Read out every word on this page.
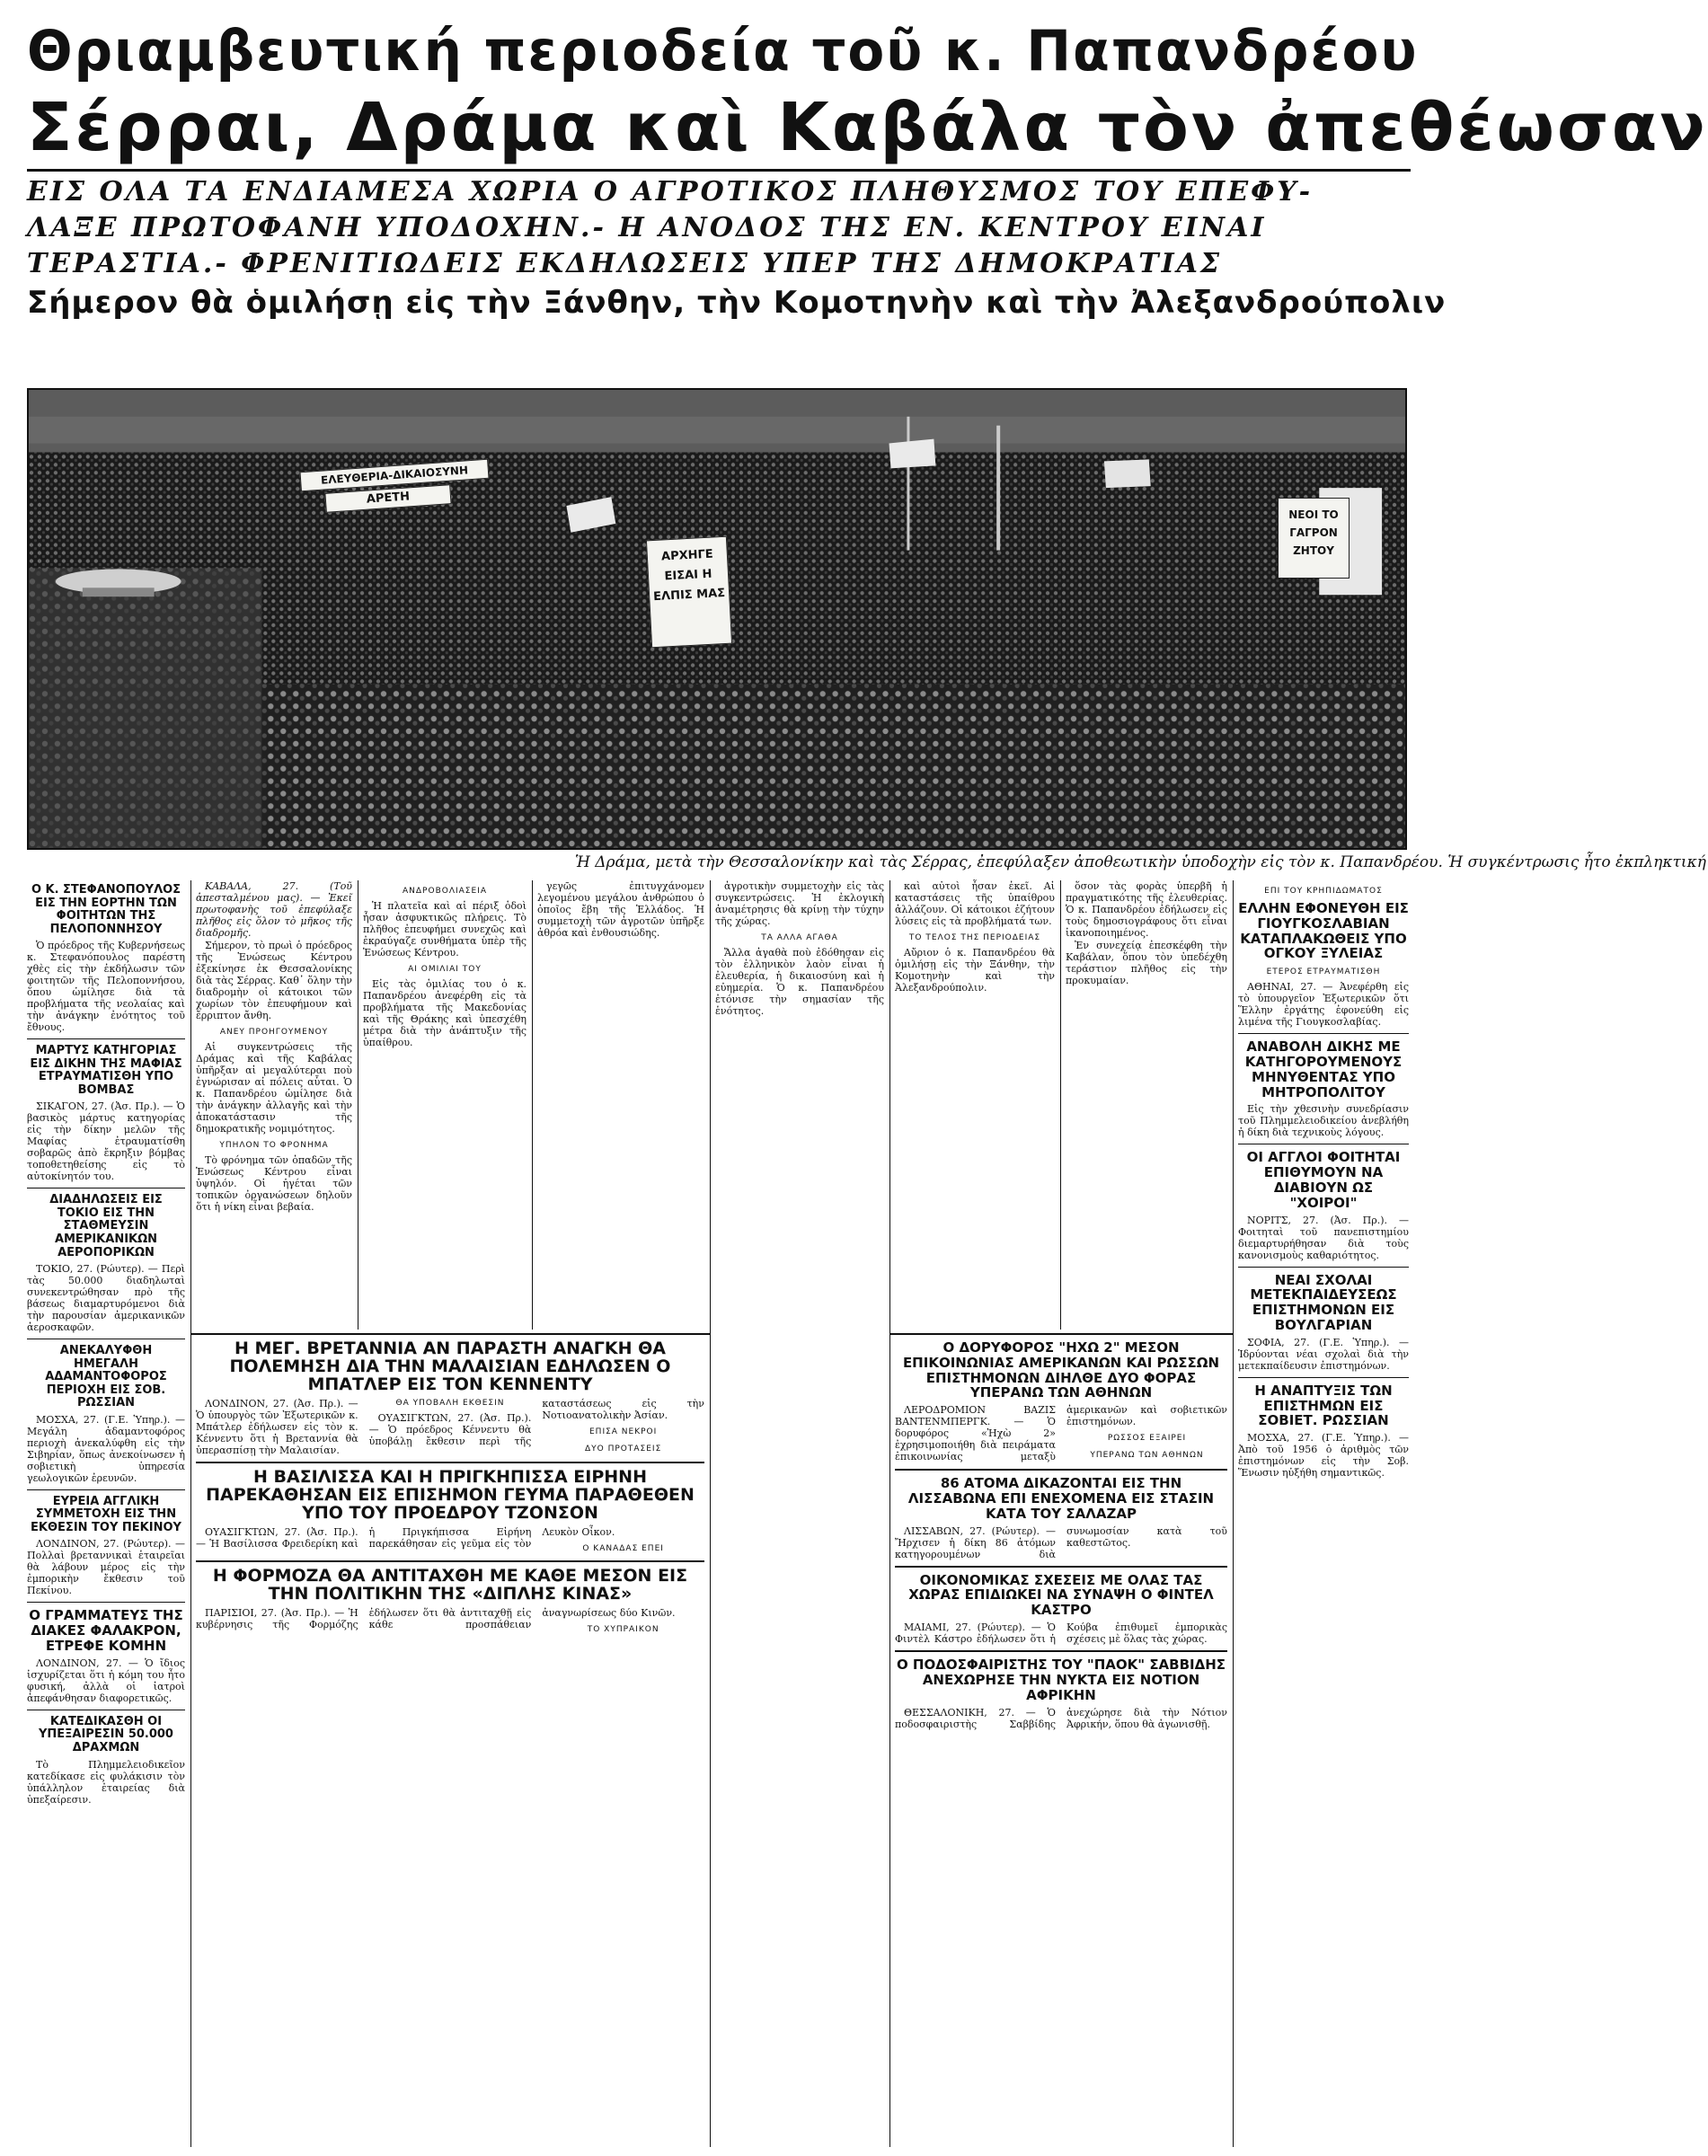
Θριαμβευτική περιοδεία τοῦ κ. Παπανδρέου
Σέρραι, Δράμα καὶ Καβάλα τὸν ἀπεθέωσαν
ΕΙΣ ΟΛΑ ΤΑ ΕΝΔΙΑΜΕΣΑ ΧΩΡΙΑ Ο ΑΓΡΟΤΙΚΟΣ ΠΛΗΘΥΣΜΟΣ ΤΟΥ ΕΠΕΦΥ-
ΛΑΞΕ ΠΡΩΤΟΦΑΝΗ ΥΠΟΔΟΧΗΝ.- Η ΑΝΟΔΟΣ ΤΗΣ ΕΝ. ΚΕΝΤΡΟΥ ΕΙΝΑΙ
ΤΕΡΑΣΤΙΑ.- ΦΡΕΝΙΤΙΩΔΕΙΣ ΕΚΔΗΛΩΣΕΙΣ ΥΠΕΡ ΤΗΣ ΔΗΜΟΚΡΑΤΙΑΣ
Σήμερον θὰ ὁμιλήσῃ εἰς τὴν Ξάνθην, τὴν Κομοτηνὴν καὶ τὴν Ἀλεξανδρούπολιν
ΕΛΕΥΘΕΡΙΑ-ΔΙΚΑΙΟΣΥΝΗ
ΑΡΕΤΗ
ΑΡΧΗΓΕ ΕΙΣΑΙ Η ΕΛΠΙΣ ΜΑΣ
ΝΕΟΙ ΤΟ ΓΑΓΡΟΝ ΖΗΤΟΥ
Ἡ Δράμα, μετὰ τὴν Θεσσαλονίκην καὶ τὰς Σέρρας, ἐπεφύλαξεν ἀποθεωτικὴν ὑποδοχὴν εἰς τὸν κ. Παπανδρέου. Ἡ συγκέντρωσις ἦτο ἐκπληκτική
Ο Κ. ΣΤΕΦΑΝΟΠΟΥΛΟΣ ΕΙΣ ΤΗΝ ΕΟΡΤΗΝ ΤΩΝ ΦΟΙΤΗΤΩΝ ΤΗΣ ΠΕΛΟΠΟΝΝΗΣΟΥ

Ὁ πρόεδρος τῆς Κυβερνήσεως κ. Στεφανόπουλος παρέστη χθὲς εἰς τὴν ἐκδήλωσιν τῶν φοιτητῶν τῆς Πελοποννήσου, ὅπου ὡμίλησε διὰ τὰ προβλήματα τῆς νεολαίας καὶ τὴν ἀνάγκην ἐνότητος τοῦ ἔθνους.

ΜΑΡΤΥΣ ΚΑΤΗΓΟΡΙΑΣ ΕΙΣ ΔΙΚΗΝ ΤΗΣ ΜΑΦΙΑΣ ΕΤΡΑΥΜΑΤΙΣΘΗ ΥΠΟ ΒΟΜΒΑΣ

ΣΙΚΑΓΟΝ, 27. (Ἀσ. Πρ.). — Ὁ βασικὸς μάρτυς κατηγορίας εἰς τὴν δίκην μελῶν τῆς Μαφίας ἐτραυματίσθη σοβαρῶς ἀπὸ ἔκρηξιν βόμβας τοποθετηθείσης εἰς τὸ αὐτοκίνητόν του.

ΔΙΑΔΗΛΩΣΕΙΣ ΕΙΣ ΤΟΚΙΟ ΕΙΣ ΤΗΝ ΣΤΑΘΜΕΥΣΙΝ ΑΜΕΡΙΚΑΝΙΚΩΝ ΑΕΡΟΠΟΡΙΚΩΝ

ΤΟΚΙΟ, 27. (Ρώυτερ). — Περὶ τὰς 50.000 διαδηλωταὶ συνεκεντρώθησαν πρὸ τῆς βάσεως διαμαρτυρόμενοι διὰ τὴν παρουσίαν ἀμερικανικῶν ἀεροσκαφῶν.

ΑΝΕΚΑΛΥΦΘΗ ΗΜΕΓΑΛΗ ΑΔΑΜΑΝΤΟΦΟΡΟΣ ΠΕΡΙΟΧΗ ΕΙΣ ΣΟΒ. ΡΩΣΣΙΑΝ

ΜΟΣΧΑ, 27. (Γ.Ε. Ὑπηρ.). — Μεγάλη ἀδαμαντοφόρος περιοχὴ ἀνεκαλύφθη εἰς τὴν Σιβηρίαν, ὅπως ἀνεκοίνωσεν ἡ σοβιετικὴ ὑπηρεσία γεωλογικῶν ἐρευνῶν.

ΕΥΡΕΙΑ ΑΓΓΛΙΚΗ ΣΥΜΜΕΤΟΧΗ ΕΙΣ ΤΗΝ ΕΚΘΕΣΙΝ ΤΟΥ ΠΕΚΙΝΟΥ

ΛΟΝΔΙΝΟΝ, 27. (Ρώυτερ). — Πολλαὶ βρεταννικαὶ ἑταιρεῖαι θὰ λάβουν μέρος εἰς τὴν ἐμπορικὴν ἔκθεσιν τοῦ Πεκίνου.

Ο ΓΡΑΜΜΑΤΕΥΣ ΤΗΣ ΔΙΑΚΕΣ ΦΑΛΑΚΡΟΝ, ΕΤΡΕΦΕ ΚΟΜΗΝ

ΛΟΝΔΙΝΟΝ, 27. — Ὁ ἴδιος ἰσχυρίζεται ὅτι ἡ κόμη του ἦτο φυσική, ἀλλὰ οἱ ἰατροὶ ἀπεφάνθησαν διαφορετικῶς.

ΚΑΤΕΔΙΚΑΣΘΗ ΟΙ ΥΠΕΞΑΙΡΕΣΙΝ 50.000 ΔΡΑΧΜΩΝ

Τὸ Πλημμελειοδικεῖον κατεδίκασε εἰς φυλάκισιν τὸν ὑπάλληλον ἐταιρείας διὰ ὑπεξαίρεσιν.

ΚΑΒΑΛΑ, 27. (Τοῦ ἀπεσταλμένου μας). — Ἐκεῖ πρωτοφανὴς τοῦ ἐπεφύλαξε πλῆθος εἰς ὅλον τὸ μῆκος τῆς διαδρομῆς.

Σήμερον, τὸ πρωὶ ὁ πρόεδρος τῆς Ἑνώσεως Κέντρου ἐξεκίνησε ἐκ Θεσσαλονίκης διὰ τὰς Σέρρας. Καθ᾽ ὅλην τὴν διαδρομὴν οἱ κάτοικοι τῶν χωρίων τὸν ἐπευφήμουν καὶ ἔρριπτον ἄνθη.

ΑΝΕΥ ΠΡΟΗΓΟΥΜΕΝΟΥ

Αἱ συγκεντρώσεις τῆς Δράμας καὶ τῆς Καβάλας ὑπῆρξαν αἱ μεγαλύτεραι ποὺ ἐγνώρισαν αἱ πόλεις αὗται. Ὁ κ. Παπανδρέου ὡμίλησε διὰ τὴν ἀνάγκην ἀλλαγῆς καὶ τὴν ἀποκατάστασιν τῆς δημοκρατικῆς νομιμότητος.

ΥΠΗΛΟΝ ΤΟ ΦΡΟΝΗΜΑ

Τὸ φρόνημα τῶν ὀπαδῶν τῆς Ἑνώσεως Κέντρου εἶναι ὑψηλόν. Οἱ ἡγέται τῶν τοπικῶν ὀργανώσεων δηλοῦν ὅτι ἡ νίκη εἶναι βεβαία.

ΑΝΔΡΟΒΟΛΙΑΣΕΙΑ

Ἡ πλατεῖα καὶ αἱ πέριξ ὁδοὶ ἦσαν ἀσφυκτικῶς πλήρεις. Τὸ πλῆθος ἐπευφήμει συνεχῶς καὶ ἐκραύγαζε συνθήματα ὑπὲρ τῆς Ἑνώσεως Κέντρου.

ΑΙ ΟΜΙΛΙΑΙ ΤΟΥ

Εἰς τὰς ὁμιλίας του ὁ κ. Παπανδρέου ἀνεφέρθη εἰς τὰ προβλήματα τῆς Μακεδονίας καὶ τῆς Θράκης καὶ ὑπεσχέθη μέτρα διὰ τὴν ἀνάπτυξιν τῆς ὑπαίθρου.

γεγῶς ἐπιτυγχάνομεν λεγομένου μεγάλου ἀνθρώπου ὁ ὁποῖος ἔβη τῆς Ἑλλάδος. Ἡ συμμετοχὴ τῶν ἀγροτῶν ὑπῆρξε ἀθρόα καὶ ἐνθουσιώδης.

ἀγροτικὴν συμμετοχὴν εἰς τὰς συγκεντρώσεις. Ἡ ἐκλογικὴ ἀναμέτρησις θὰ κρίνῃ τὴν τύχην τῆς χώρας.

ΤΑ ΑΛΛΑ ΑΓΑΘΑ

Ἄλλα ἀγαθὰ ποὺ ἐδόθησαν εἰς τὸν ἑλληνικὸν λαὸν εἶναι ἡ ἐλευθερία, ἡ δικαιοσύνη καὶ ἡ εὐημερία. Ὁ κ. Παπανδρέου ἐτόνισε τὴν σημασίαν τῆς ἑνότητος.

καὶ αὐτοὶ ἦσαν ἐκεῖ. Αἱ καταστάσεις τῆς ὑπαίθρου ἀλλάζουν. Οἱ κάτοικοι ἐζήτουν λύσεις εἰς τὰ προβλήματά των.

ΤΟ ΤΕΛΟΣ ΤΗΣ ΠΕΡΙΟΔΕΙΑΣ

Αὔριον ὁ κ. Παπανδρέου θὰ ὁμιλήσῃ εἰς τὴν Ξάνθην, τὴν Κομοτηνὴν καὶ τὴν Ἀλεξανδρούπολιν.

ὅσον τὰς φορὰς ὑπερβῆ ἡ πραγματικότης τῆς ἐλευθερίας. Ὁ κ. Παπανδρέου ἐδήλωσεν εἰς τοὺς δημοσιογράφους ὅτι εἶναι ἱκανοποιημένος.

Ἐν συνεχείᾳ ἐπεσκέφθη τὴν Καβάλαν, ὅπου τὸν ὑπεδέχθη τεράστιον πλῆθος εἰς τὴν προκυμαίαν.

ΕΠΙ ΤΟΥ ΚΡΗΠΙΔΩΜΑΤΟΣ
ΕΛΛΗΝ ΕΦΟΝΕΥΘΗ ΕΙΣ ΓΙΟΥΓΚΟΣΛΑΒΙΑΝ ΚΑΤΑΠΛΑΚΩΘΕΙΣ ΥΠΟ ΟΓΚΟΥ ΞΥΛΕΙΑΣ
ΕΤΕΡΟΣ ΕΤΡΑΥΜΑΤΙΣΘΗ

ΑΘΗΝΑΙ, 27. — Ἀνεφέρθη εἰς τὸ ὑπουργεῖον Ἐξωτερικῶν ὅτι Ἕλλην ἐργάτης ἐφονεύθη εἰς λιμένα τῆς Γιουγκοσλαβίας.

ΑΝΑΒΟΛΗ ΔΙΚΗΣ ΜΕ ΚΑΤΗΓΟΡΟΥΜΕΝΟΥΣ ΜΗΝΥΘΕΝΤΑΣ ΥΠΟ ΜΗΤΡΟΠΟΛΙΤΟΥ

Εἰς τὴν χθεσινὴν συνεδρίασιν τοῦ Πλημμελειοδικείου ἀνεβλήθη ἡ δίκη διὰ τεχνικοὺς λόγους.

ΟΙ ΑΓΓΛΟΙ ΦΟΙΤΗΤΑΙ ΕΠΙΘΥΜΟΥΝ ΝΑ ΔΙΑΒΙΟΥΝ ΩΣ "ΧΟΙΡΟΙ"

ΝΟΡΙΤΣ, 27. (Ἀσ. Πρ.). — Φοιτηταὶ τοῦ πανεπιστημίου διεμαρτυρήθησαν διὰ τοὺς κανονισμοὺς καθαριότητος.

ΝΕΑΙ ΣΧΟΛΑΙ ΜΕΤΕΚΠΑΙΔΕΥΣΕΩΣ ΕΠΙΣΤΗΜΟΝΩΝ ΕΙΣ ΒΟΥΛΓΑΡΙΑΝ

ΣΟΦΙΑ, 27. (Γ.Ε. Ὑπηρ.). — Ἱδρύονται νέαι σχολαὶ διὰ τὴν μετεκπαίδευσιν ἐπιστημόνων.

Η ΑΝΑΠΤΥΞΙΣ ΤΩΝ ΕΠΙΣΤΗΜΩΝ ΕΙΣ ΣΟΒΙΕΤ. ΡΩΣΣΙΑΝ

ΜΟΣΧΑ, 27. (Γ.Ε. Ὑπηρ.). — Ἀπὸ τοῦ 1956 ὁ ἀριθμὸς τῶν ἐπιστημόνων εἰς τὴν Σοβ. Ἕνωσιν ηὐξήθη σημαντικῶς.

Η ΜΕΓ. ΒΡΕΤΑΝΝΙΑ ΑΝ ΠΑΡΑΣΤΗ ΑΝΑΓΚΗ ΘΑ ΠΟΛΕΜΗΣΗ ΔΙΑ ΤΗΝ ΜΑΛΑΙΣΙΑΝ ΕΔΗΛΩΣΕΝ Ο ΜΠΑΤΛΕΡ ΕΙΣ ΤΟΝ ΚΕΝΝΕΝΤΥ

ΛΟΝΔΙΝΟΝ, 27. (Ἀσ. Πρ.). — Ὁ ὑπουργὸς τῶν Ἐξωτερικῶν κ. Μπάτλερ ἐδήλωσεν εἰς τὸν κ. Κέννεντυ ὅτι ἡ Βρεταννία θὰ ὑπερασπίσῃ τὴν Μαλαισίαν.

ΘΑ ΥΠΟΒΑΛΗ ΕΚΘΕΣΙΝ

ΟΥΑΣΙΓΚΤΩΝ, 27. (Ἀσ. Πρ.). — Ὁ πρόεδρος Κέννεντυ θὰ ὑποβάλῃ ἔκθεσιν περὶ τῆς καταστάσεως εἰς τὴν Νοτιοανατολικὴν Ἀσίαν.

ΕΠΙΣΑ ΝΕΚΡΟΙ
ΔΥΟ ΠΡΟΤΑΣΕΙΣ
Η ΒΑΣΙΛΙΣΣΑ ΚΑΙ Η ΠΡΙΓΚΗΠΙΣΣΑ ΕΙΡΗΝΗ ΠΑΡΕΚΑΘΗΣΑΝ ΕΙΣ ΕΠΙΣΗΜΟΝ ΓΕΥΜΑ ΠΑΡΑΘΕΘΕΝ ΥΠΟ ΤΟΥ ΠΡΟΕΔΡΟΥ ΤΖΟΝΣΟΝ

ΟΥΑΣΙΓΚΤΩΝ, 27. (Ἀσ. Πρ.). — Ἡ Βασίλισσα Φρειδερίκη καὶ ἡ Πριγκήπισσα Εἰρήνη παρεκάθησαν εἰς γεῦμα εἰς τὸν Λευκὸν Οἶκον.

Ο ΚΑΝΑΔΑΣ ΕΠΕΙ
Η ΦΟΡΜΟΖΑ ΘΑ ΑΝΤΙΤΑΧΘΗ ΜΕ ΚΑΘΕ ΜΕΣΟΝ ΕΙΣ ΤΗΝ ΠΟΛΙΤΙΚΗΝ ΤΗΣ «ΔΙΠΛΗΣ ΚΙΝΑΣ»

ΠΑΡΙΣΙΟΙ, 27. (Ἀσ. Πρ.). — Ἡ κυβέρνησις τῆς Φορμόζης ἐδήλωσεν ὅτι θὰ ἀντιταχθῇ εἰς κάθε προσπάθειαν ἀναγνωρίσεως δύο Κινῶν.

ΤΟ ΧΥΠΡΑΙΚΟΝ
Ο ΔΟΡΥΦΟΡΟΣ "ΗΧΩ 2" ΜΕΣΟΝ ΕΠΙΚΟΙΝΩΝΙΑΣ ΑΜΕΡΙΚΑΝΩΝ ΚΑΙ ΡΩΣΣΩΝ ΕΠΙΣΤΗΜΟΝΩΝ ΔΙΗΛΘΕ ΔΥΟ ΦΟΡΑΣ ΥΠΕΡΑΝΩ ΤΩΝ ΑΘΗΝΩΝ

ΛΕΡΟΔΡΟΜΙΟΝ ΒΑΖΙΣ ΒΑΝΤΕΝΜΠΕΡΓΚ. — Ὁ δορυφόρος «Ἠχὼ 2» ἐχρησιμοποιήθη διὰ πειράματα ἐπικοινωνίας μεταξὺ ἀμερικανῶν καὶ σοβιετικῶν ἐπιστημόνων.

ΡΩΣΣΟΣ ΕΞΑΙΡΕΙ
ΥΠΕΡΑΝΩ ΤΩΝ ΑΘΗΝΩΝ
86 ΑΤΟΜΑ ΔΙΚΑΖΟΝΤΑΙ ΕΙΣ ΤΗΝ ΛΙΣΣΑΒΩΝΑ ΕΠΙ ΕΝΕΧΟΜΕΝΑ ΕΙΣ ΣΤΑΣΙΝ ΚΑΤΑ ΤΟΥ ΣΑΛΑΖΑΡ

ΛΙΣΣΑΒΩΝ, 27. (Ρώυτερ). — Ἤρχισεν ἡ δίκη 86 ἀτόμων κατηγορουμένων διὰ συνωμοσίαν κατὰ τοῦ καθεστῶτος.

ΟΙΚΟΝΟΜΙΚΑΣ ΣΧΕΣΕΙΣ ΜΕ ΟΛΑΣ ΤΑΣ ΧΩΡΑΣ ΕΠΙΔΙΩΚΕΙ ΝΑ ΣΥΝΑΨΗ Ο ΦΙΝΤΕΛ ΚΑΣΤΡΟ

ΜΑΙΑΜΙ, 27. (Ρώυτερ). — Ὁ Φιντὲλ Κάστρο ἐδήλωσεν ὅτι ἡ Κούβα ἐπιθυμεῖ ἐμπορικὰς σχέσεις μὲ ὅλας τὰς χώρας.

Ο ΠΟΔΟΣΦΑΙΡΙΣΤΗΣ ΤΟΥ "ΠΑΟΚ" ΣΑΒΒΙΔΗΣ ΑΝΕΧΩΡΗΣΕ ΤΗΝ ΝΥΚΤΑ ΕΙΣ ΝΟΤΙΟΝ ΑΦΡΙΚΗΝ

ΘΕΣΣΑΛΟΝΙΚΗ, 27. — Ὁ ποδοσφαιριστὴς Σαββίδης ἀνεχώρησε διὰ τὴν Νότιον Ἀφρικήν, ὅπου θὰ ἀγωνισθῇ.
